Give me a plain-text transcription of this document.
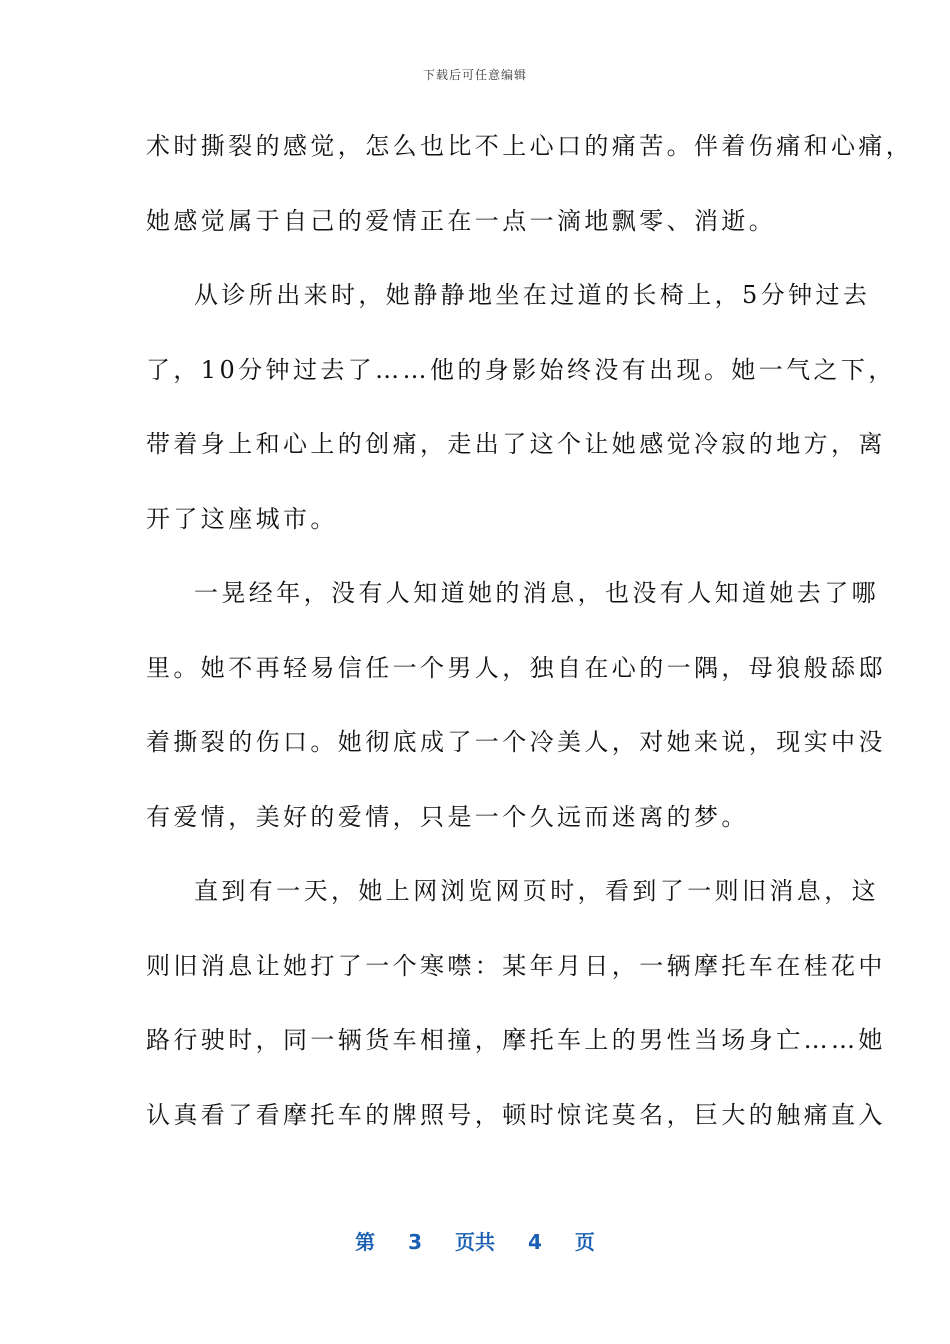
下载后可任意编辑
术时撕裂的感觉，怎么也比不上心口的痛苦。伴着伤痛和心痛，
她感觉属于自己的爱情正在一点一滴地飘零、消逝。
从诊所出来时，她静静地坐在过道的长椅上，5分钟过去
了，10分钟过去了……他的身影始终没有出现。她一气之下，
带着身上和心上的创痛，走出了这个让她感觉冷寂的地方，离
开了这座城市。
一晃经年，没有人知道她的消息，也没有人知道她去了哪
里。她不再轻易信任一个男人，独自在心的一隅，母狼般舔邸
着撕裂的伤口。她彻底成了一个冷美人，对她来说，现实中没
有爱情，美好的爱情，只是一个久远而迷离的梦。
直到有一天，她上网浏览网页时，看到了一则旧消息，这
则旧消息让她打了一个寒噤：某年月日，一辆摩托车在桂花中
路行驶时，同一辆货车相撞，摩托车上的男性当场身亡……她
认真看了看摩托车的牌照号，顿时惊诧莫名，巨大的触痛直入
第 3 页共 4 页
